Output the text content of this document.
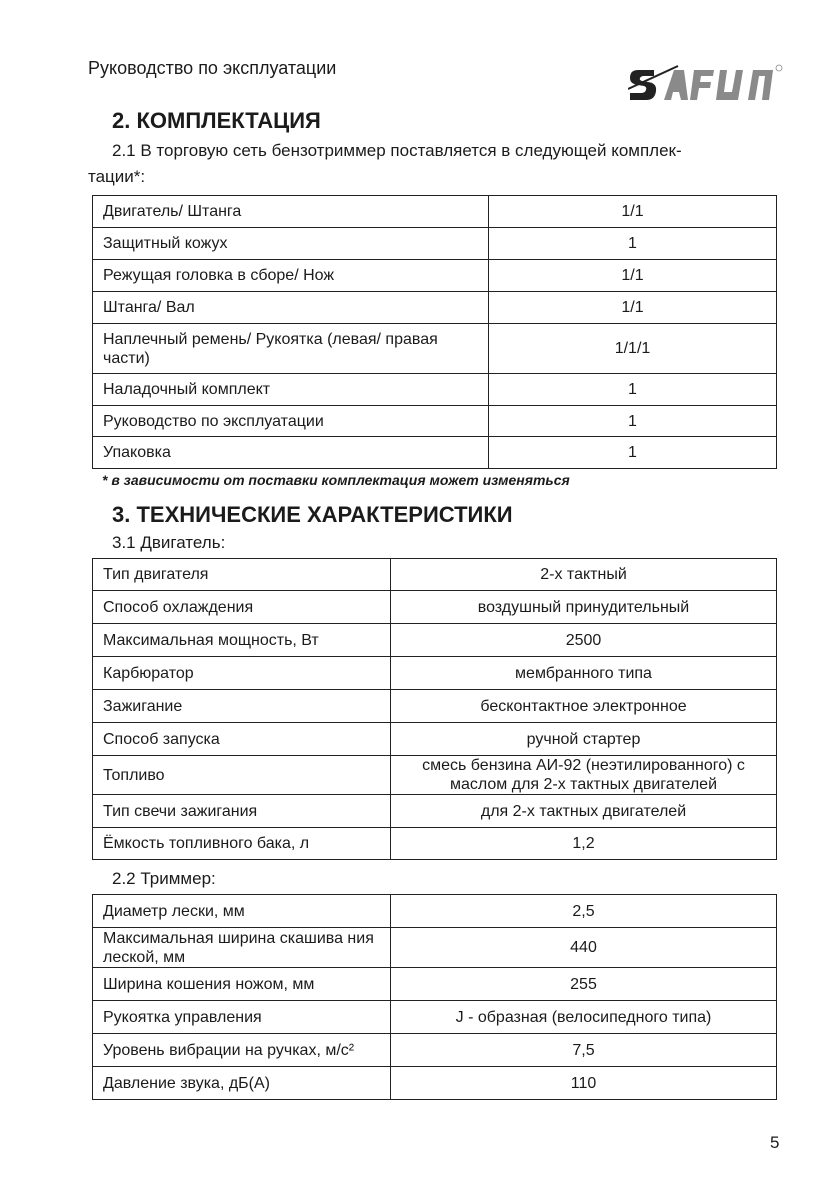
Руководство по эксплуатации
2. КОМПЛЕКТАЦИЯ
2.1 В торговую сеть бензотриммер поставляется в следующей комплек-
тации*:
Двигатель/ Штанга	1/1
Защитный кожух	1
Режущая головка в сборе/ Нож	1/1
Штанга/ Вал	1/1
Наплечный ремень/ Рукоятка (левая/ правая части)	1/1/1
Наладочный комплект	1
Руководство по эксплуатации	1
Упаковка	1
* в зависимости от поставки комплектация может изменяться
3. ТЕХНИЧЕСКИЕ ХАРАКТЕРИСТИКИ
3.1 Двигатель:
Тип двигателя	2-х тактный
Способ охлаждения	воздушный принудительный
Максимальная мощность, Вт	2500
Карбюратор	мембранного типа
Зажигание	бесконтактное электронное
Способ запуска	ручной стартер
Топливо	смесь бензина АИ-92 (неэтилированного) с маслом для 2-х тактных двигателей
Тип свечи зажигания	для 2-х тактных двигателей
Ёмкость топливного бака, л	1,2
2.2 Триммер:
Диаметр лески, мм	2,5
Максимальная ширина скашива ния леской, мм	440
Ширина кошения ножом, мм	255
Рукоятка управления	J - образная (велосипедного типа)
Уровень вибрации на ручках, м/с²	7,5
Давление звука, дБ(А)	110
5
